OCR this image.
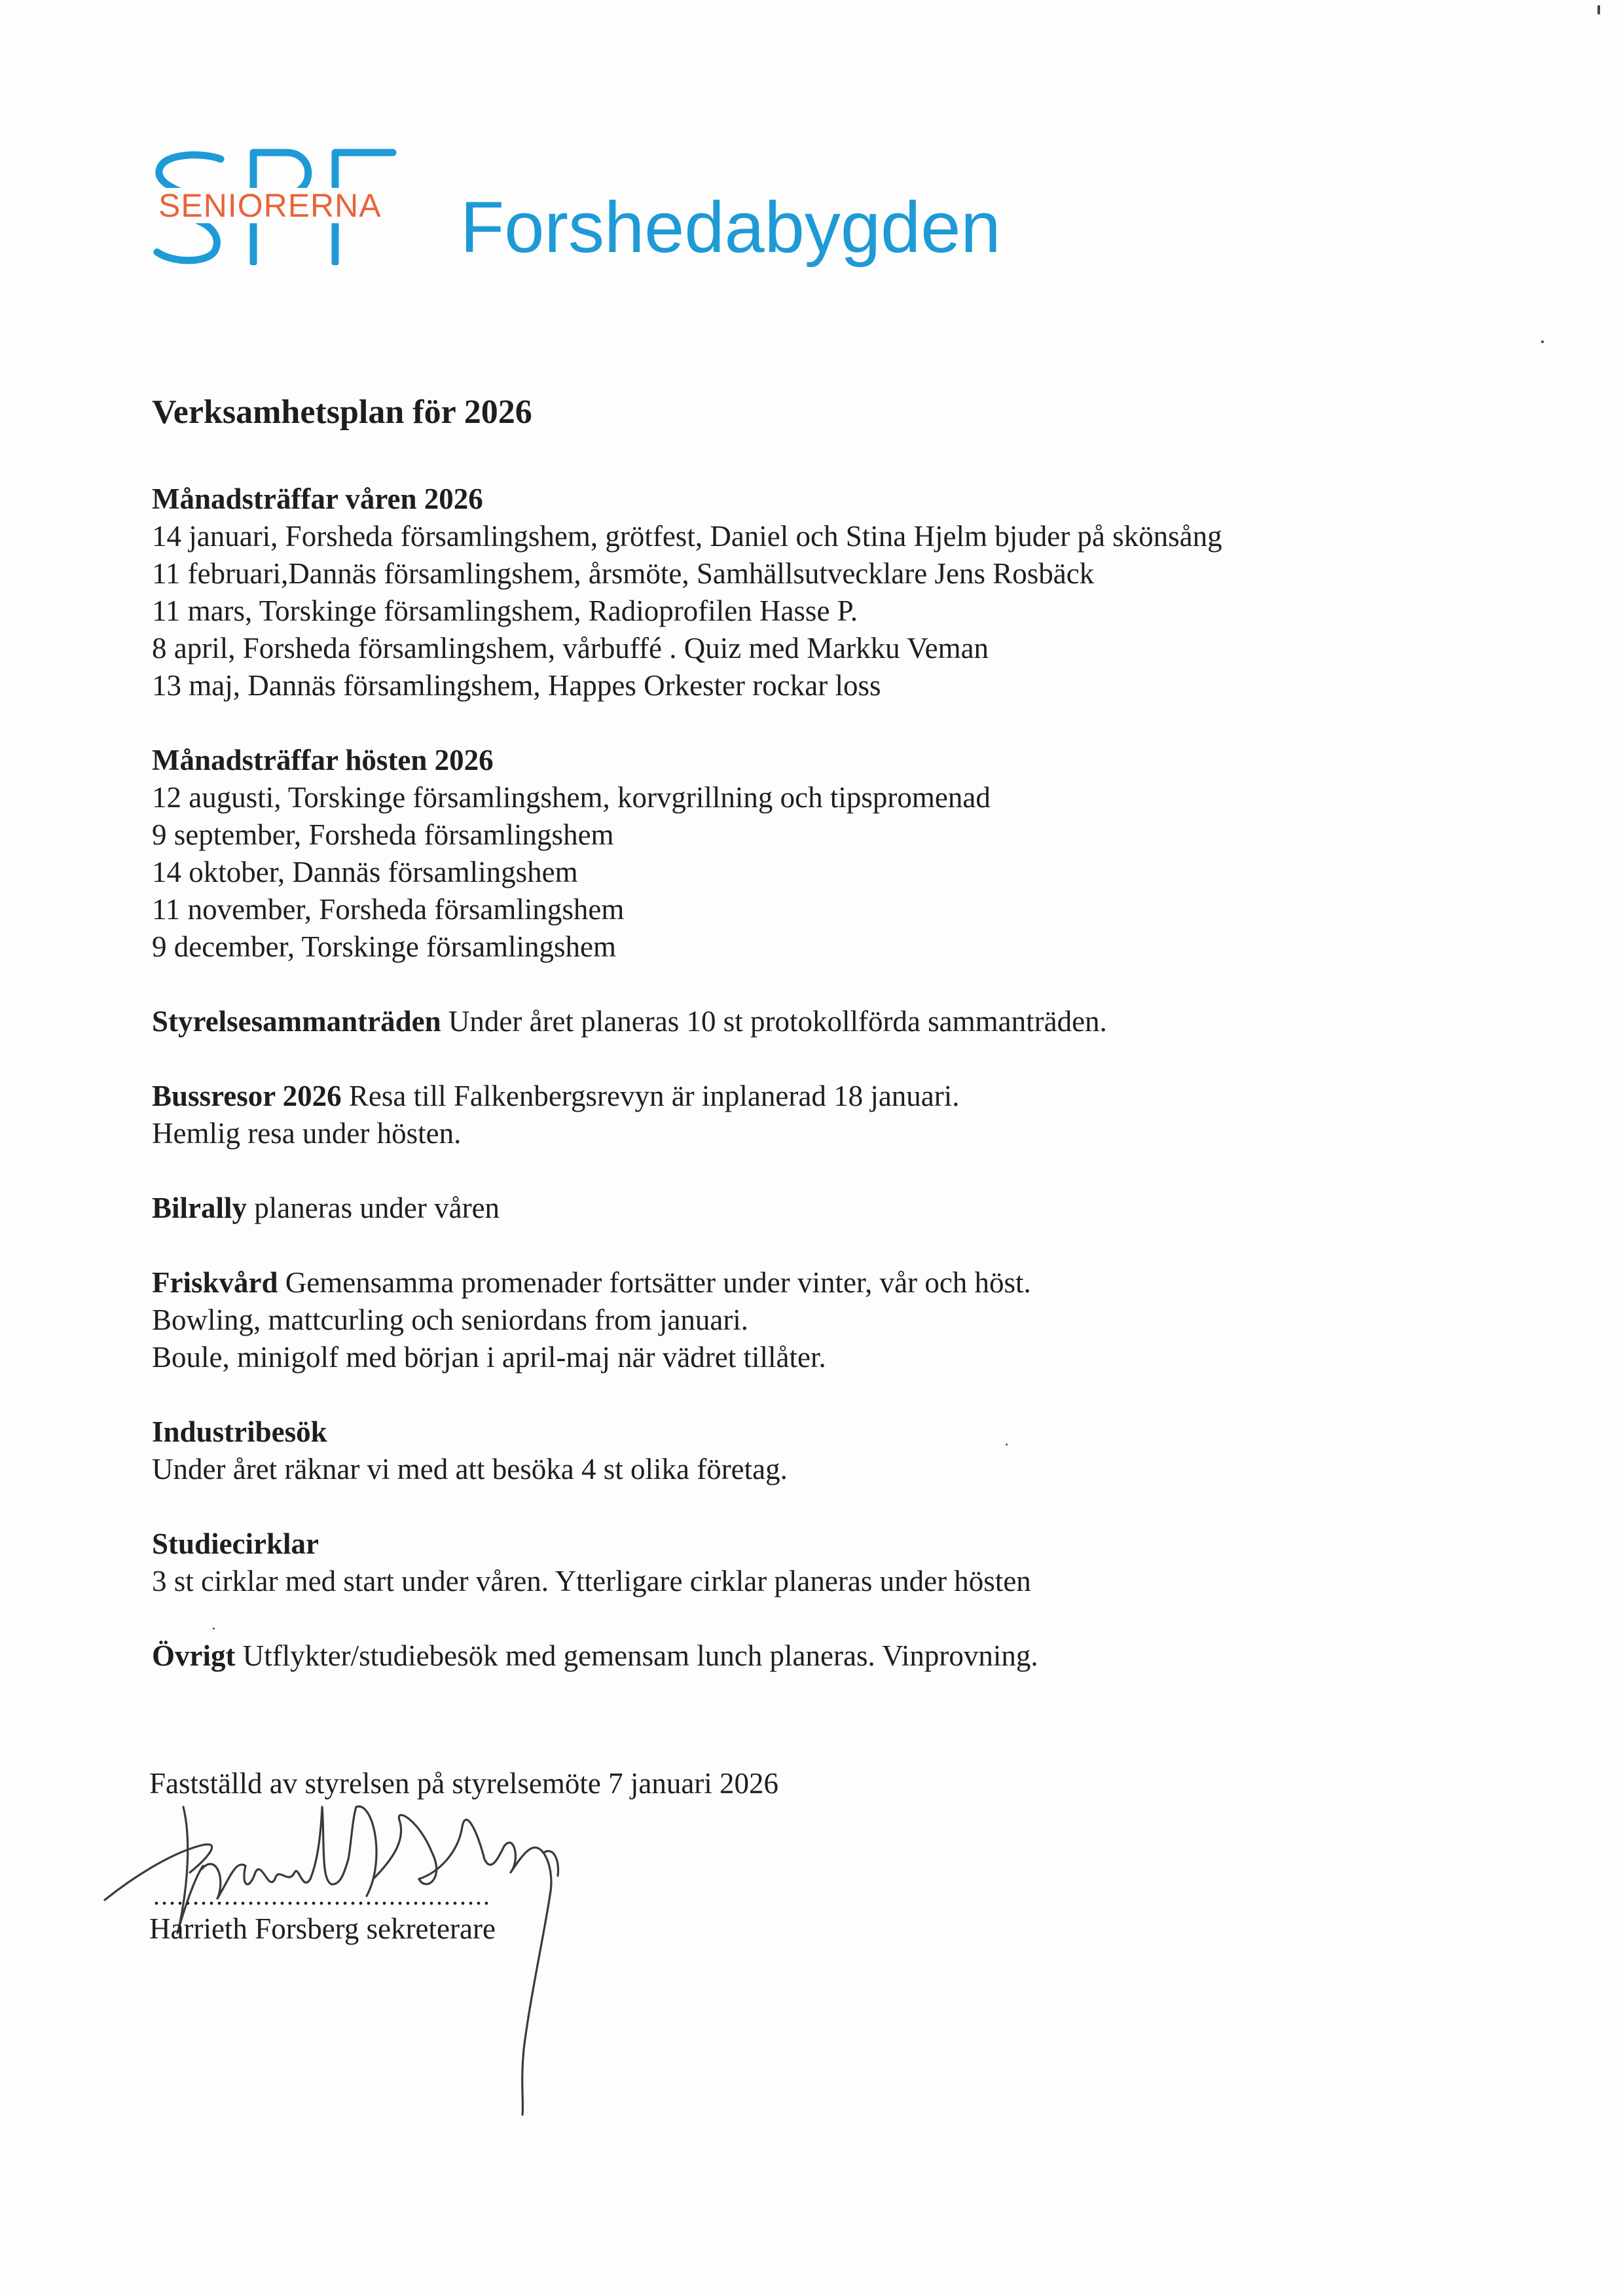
SENIORERNA Forshedabygden
Verksamhetsplan för 2026
Månadsträffar våren 2026
14 januari, Forsheda församlingshem, grötfest, Daniel och Stina Hjelm bjuder på skönsång
11 februari,Dannäs församlingshem, årsmöte, Samhällsutvecklare Jens Rosbäck
11 mars, Torskinge församlingshem, Radioprofilen Hasse P.
8 april, Forsheda församlingshem, vårbuffé . Quiz med Markku Veman
13 maj, Dannäs församlingshem, Happes Orkester rockar loss
Månadsträffar hösten 2026
12 augusti, Torskinge församlingshem, korvgrillning och tipspromenad
9 september, Forsheda församlingshem
14 oktober, Dannäs församlingshem
11 november, Forsheda församlingshem
9 december, Torskinge församlingshem
Styrelsesammanträden Under året planeras 10 st protokollförda sammanträden.
Bussresor 2026 Resa till Falkenbergsrevyn är inplanerad 18 januari.
Hemlig resa under hösten.
Bilrally planeras under våren
Friskvård Gemensamma promenader fortsätter under vinter, vår och höst.
Bowling, mattcurling och seniordans from januari.
Boule, minigolf med början i april-maj när vädret tillåter.
Industribesök
Under året räknar vi med att besöka 4 st olika företag.
Studiecirklar
3 st cirklar med start under våren. Ytterligare cirklar planeras under hösten
Övrigt Utflykter/studiebesök med gemensam lunch planeras. Vinprovning.
Fastställd av styrelsen på styrelsemöte 7 januari 2026
...........................................
Harrieth Forsberg sekreterare
